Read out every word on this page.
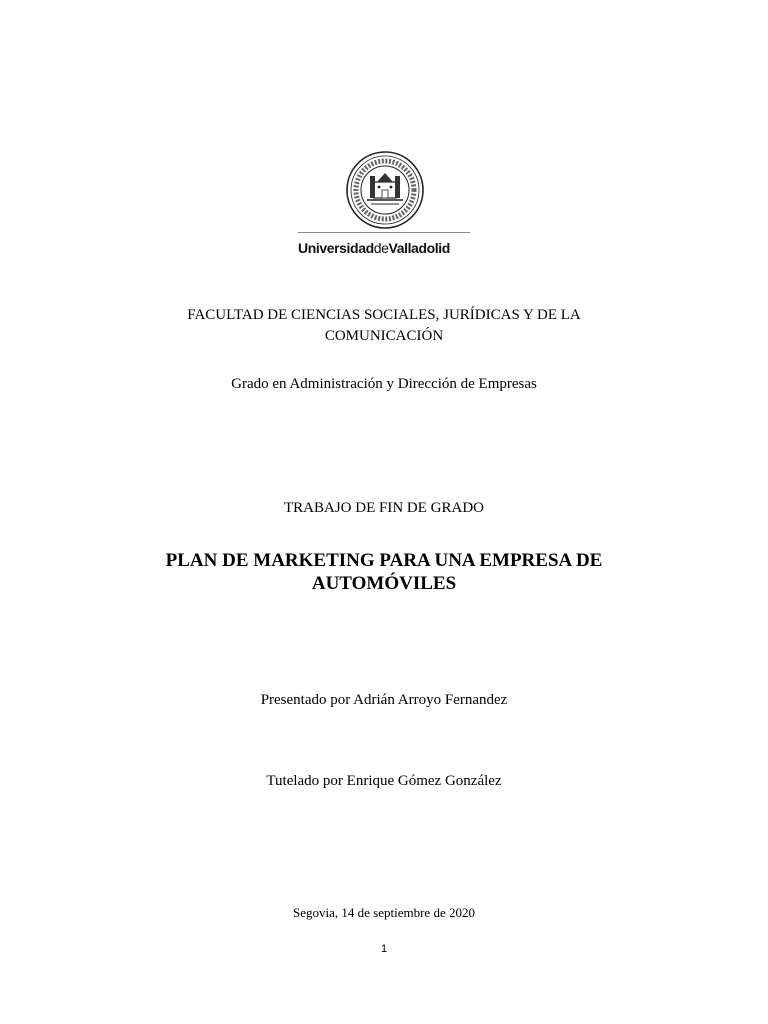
UniversidaddeValladolid

FACULTAD DE CIENCIAS SOCIALES, JURÍDICAS Y DE LA
COMUNICACIÓN

Grado en Administración y Dirección de Empresas

TRABAJO DE FIN DE GRADO

PLAN DE MARKETING PARA UNA EMPRESA DE
AUTOMÓVILES

Presentado por Adrián Arroyo Fernandez

Tutelado por Enrique Gómez González

Segovia, 14 de septiembre de 2020

1
